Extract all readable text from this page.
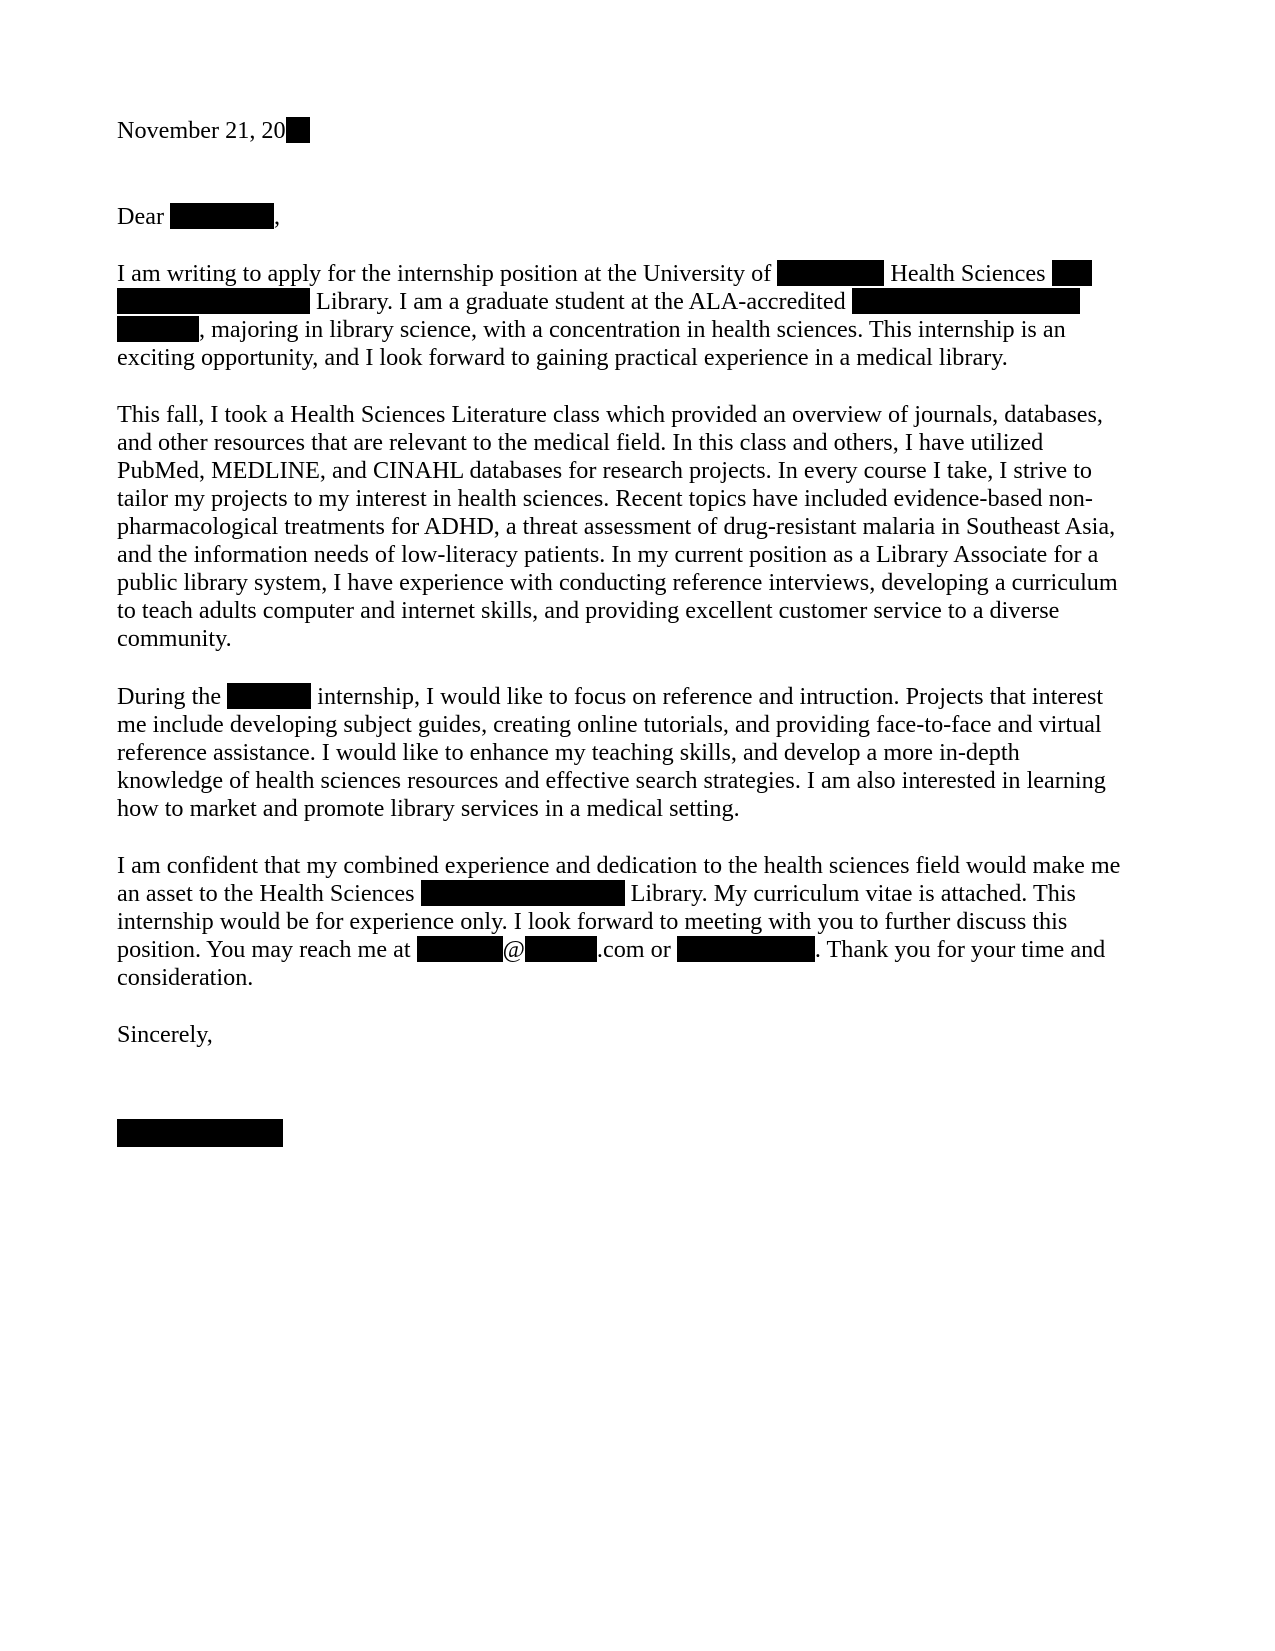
November 21, 20
Dear	,
I am writing to apply for the internship position at the University of	Health Sciences
Library. I am a graduate student at the ALA-accredited
, majoring in library science, with a concentration in health sciences. This internship is an
exciting opportunity, and I look forward to gaining practical experience in a medical library.
This fall, I took a Health Sciences Literature class which provided an overview of journals, databases,
and other resources that are relevant to the medical field. In this class and others, I have utilized
PubMed, MEDLINE, and CINAHL databases for research projects. In every course I take, I strive to
tailor my projects to my interest in health sciences. Recent topics have included evidence-based non-
pharmacological treatments for ADHD, a threat assessment of drug-resistant malaria in Southeast Asia,
and the information needs of low-literacy patients. In my current position as a Library Associate for a
public library system, I have experience with conducting reference interviews, developing a curriculum
to teach adults computer and internet skills, and providing excellent customer service to a diverse
community.
During the	internship, I would like to focus on reference and intruction. Projects that interest
me include developing subject guides, creating online tutorials, and providing face-to-face and virtual
reference assistance. I would like to enhance my teaching skills, and develop a more in-depth
knowledge of health sciences resources and effective search strategies. I am also interested in learning
how to market and promote library services in a medical setting.
I am confident that my combined experience and dedication to the health sciences field would make me
an asset to the Health Sciences	Library. My curriculum vitae is attached. This
internship would be for experience only. I look forward to meeting with you to further discuss this
position. You may reach me at	@	.com or	. Thank you for your time and
consideration.
Sincerely,
